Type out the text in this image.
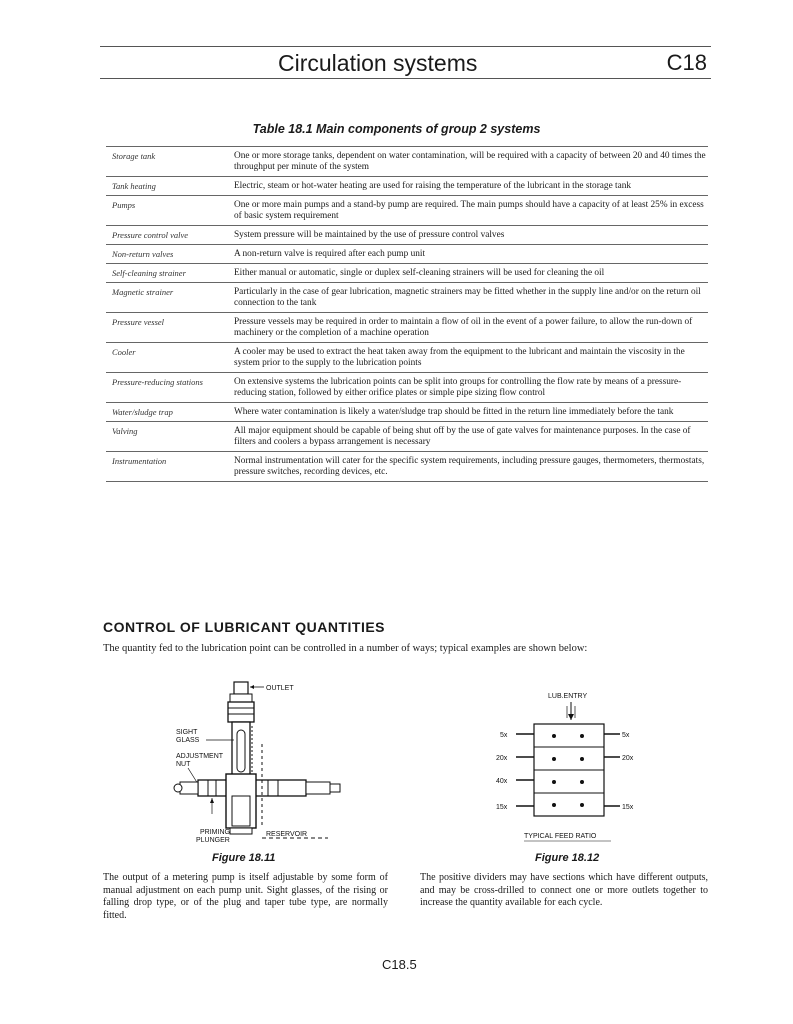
Circulation systems	C18
Table 18.1 Main components of group 2 systems
Storage tank	One or more storage tanks, dependent on water contamination, will be required with a capacity of between 20 and 40 times the throughput per minute of the system
Tank heating	Electric, steam or hot-water heating are used for raising the temperature of the lubricant in the storage tank
Pumps	One or more main pumps and a stand-by pump are required. The main pumps should have a capacity of at least 25% in excess of basic system requirement
Pressure control valve	System pressure will be maintained by the use of pressure control valves
Non-return valves	A non-return valve is required after each pump unit
Self-cleaning strainer	Either manual or automatic, single or duplex self-cleaning strainers will be used for cleaning the oil
Magnetic strainer	Particularly in the case of gear lubrication, magnetic strainers may be fitted whether in the supply line and/or on the return oil connection to the tank
Pressure vessel	Pressure vessels may be required in order to maintain a flow of oil in the event of a power failure, to allow the run-down of machinery or the completion of a machine operation
Cooler	A cooler may be used to extract the heat taken away from the equipment to the lubricant and maintain the viscosity in the system prior to the supply to the lubrication points
Pressure-reducing stations	On extensive systems the lubrication points can be split into groups for controlling the flow rate by means of a pressure-reducing station, followed by either orifice plates or simple pipe sizing flow control
Water/sludge trap	Where water contamination is likely a water/sludge trap should be fitted in the return line immediately before the tank
Valving	All major equipment should be capable of being shut off by the use of gate valves for maintenance purposes. In the case of filters and coolers a bypass arrangement is necessary
Instrumentation	Normal instrumentation will cater for the specific system requirements, including pressure gauges, thermometers, thermostats, pressure switches, recording devices, etc.
CONTROL OF LUBRICANT QUANTITIES
The quantity fed to the lubrication point can be controlled in a number of ways; typical examples are shown below:
OUTLET
SIGHT
GLASS
ADJUSTMENT
NUT
RESERVOIR
PRIMING
PLUNGER
LUB.ENTRY
5x
20x
40x
15x
5x
20x
15x
TYPICAL FEED RATIO
Figure 18.11	Figure 18.12
The output of a metering pump is itself adjustable by some form of manual adjustment on each pump unit. Sight glasses, of the rising or falling drop type, or of the plug and taper tube type, are normally fitted.
The positive dividers may have sections which have different outputs, and may be cross-drilled to connect one or more outlets together to increase the quantity available for each cycle.
C18.5
